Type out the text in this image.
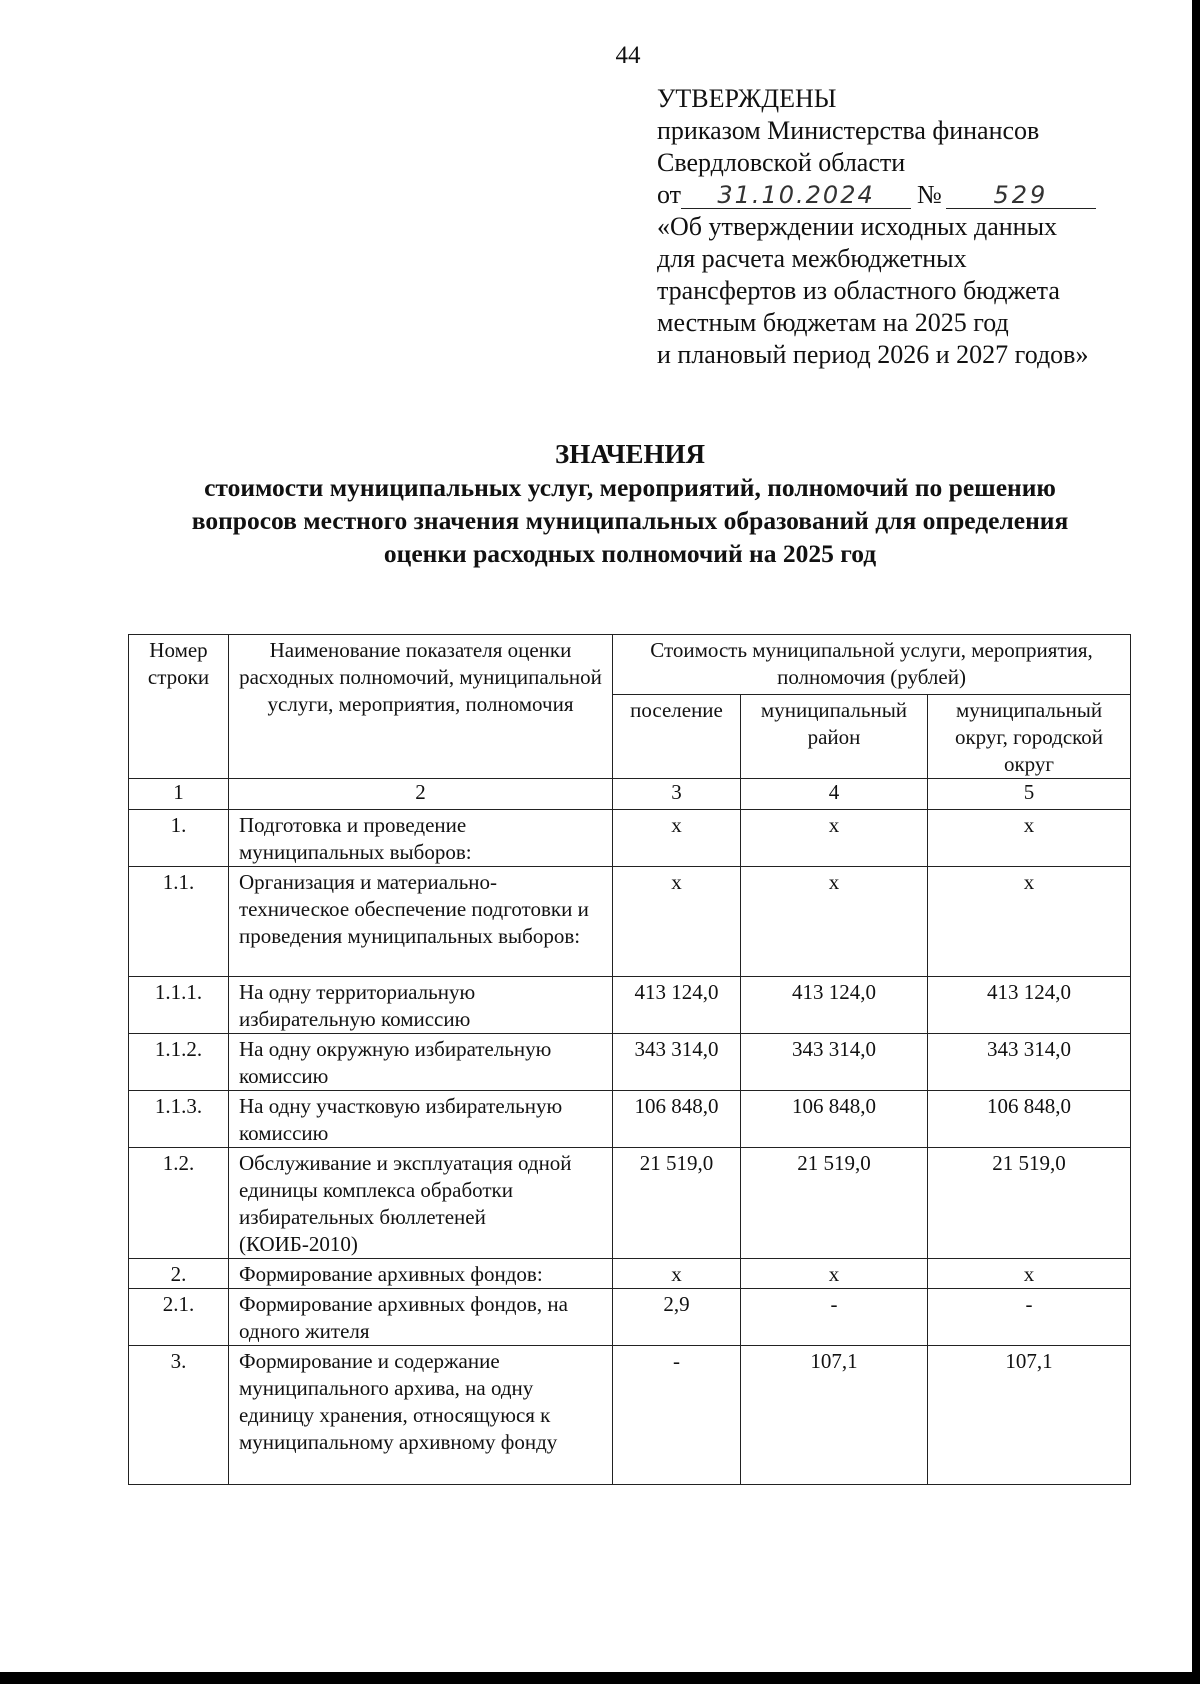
44
УТВЕРЖДЕНЫ
приказом Министерства финансов
Свердловской области
от 31.10.2024 № 529
«Об утверждении исходных данных
для расчета межбюджетных
трансфертов из областного бюджета
местным бюджетам на 2025 год
и плановый период 2026 и 2027 годов»
ЗНАЧЕНИЯ
стоимости муниципальных услуг, мероприятий, полномочий по решению
вопросов местного значения муниципальных образований для определения
оценки расходных полномочий на 2025 год
Номер строки	Наименование показателя оценки расходных полномочий, муниципальной услуги, мероприятия, полномочия	Стоимость муниципальной услуги, мероприятия, полномочия (рублей)		
		поселение	муниципальный район	муниципальный округ, городской округ
1	2	3	4	5
1.	Подготовка и проведение муниципальных выборов:	х	х	х
1.1.	Организация и материально-техническое обеспечение подготовки и проведения муниципальных выборов:	х	х	х
1.1.1.	На одну территориальную избирательную комиссию	413 124,0	413 124,0	413 124,0
1.1.2.	На одну окружную избирательную комиссию	343 314,0	343 314,0	343 314,0
1.1.3.	На одну участковую избирательную комиссию	106 848,0	106 848,0	106 848,0
1.2.	Обслуживание и эксплуатация одной единицы комплекса обработки избирательных бюллетеней (КОИБ-2010)	21 519,0	21 519,0	21 519,0
2.	Формирование архивных фондов:	х	х	х
2.1.	Формирование архивных фондов, на одного жителя	2,9	-	-
3.	Формирование и содержание муниципального архива, на одну единицу хранения, относящуюся к муниципальному архивному фонду	-	107,1	107,1
